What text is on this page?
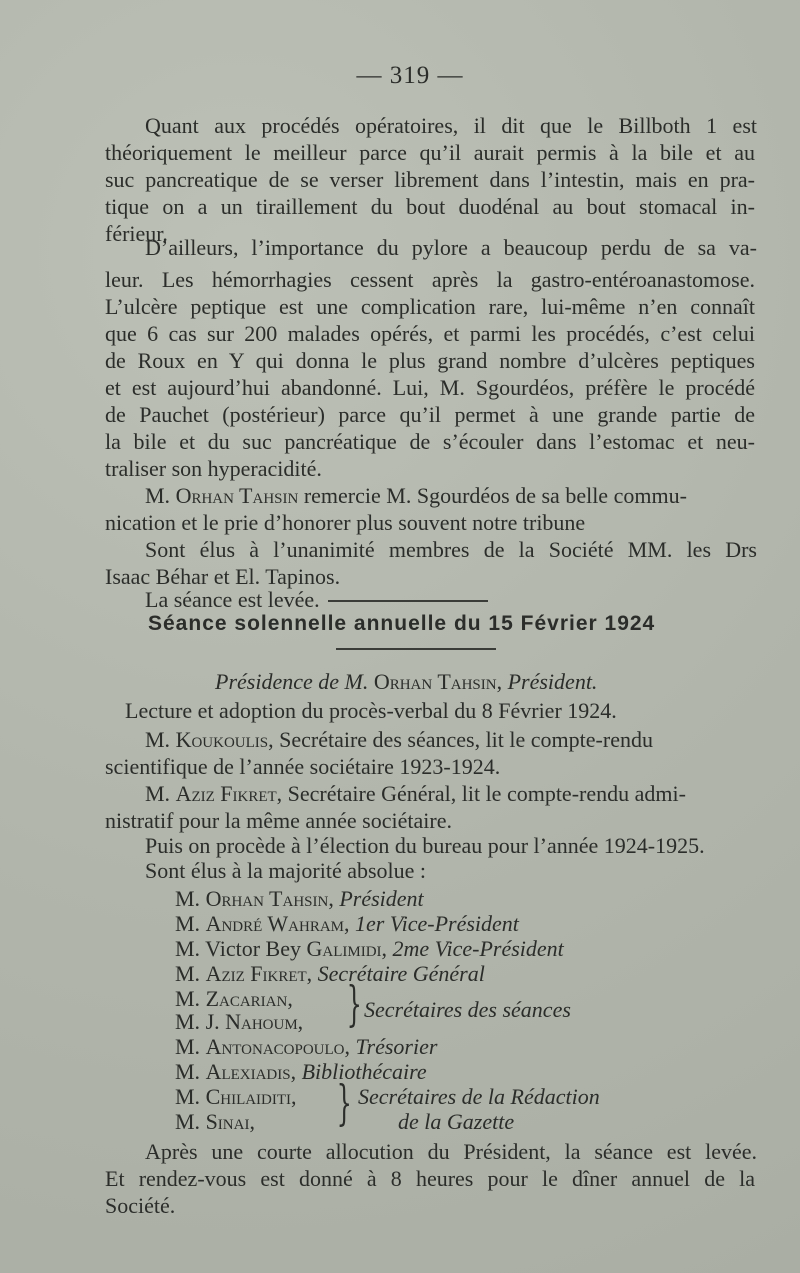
— 319 —
Quant aux procédés opératoires, il dit que le Billboth 1 est
théoriquement le meilleur parce qu’il aurait permis à la bile et au
suc pancreatique de se verser librement dans l’intestin, mais en pra-
tique on a un tiraillement du bout duodénal au bout stomacal in-
férieur.
D’ailleurs, l’importance du pylore a beaucoup perdu de sa va-
leur. Les hémorrhagies cessent après la gastro-entéroanastomose.
L’ulcère peptique est une complication rare, lui-même n’en connaît
que 6 cas sur 200 malades opérés, et parmi les procédés, c’est celui
de Roux en Y qui donna le plus grand nombre d’ulcères peptiques
et est aujourd’hui abandonné. Lui, M. Sgourdéos, préfère le procédé
de Pauchet (postérieur) parce qu’il permet à une grande partie de
la bile et du suc pancréatique de s’écouler dans l’estomac et neu-
traliser son hyperacidité.
M. Orhan Tahsin remercie M. Sgourdéos de sa belle commu-
nication et le prie d’honorer plus souvent notre tribune
Sont élus à l’unanimité membres de la Société MM. les Drs
Isaac Béhar et El. Tapinos.
La séance est levée.
Séance solennelle annuelle du 15 Février 1924
Présidence de M. Orhan Tahsin, Président.
Lecture et adoption du procès-verbal du 8 Février 1924.
M. Koukoulis, Secrétaire des séances, lit le compte-rendu
scientifique de l’année sociétaire 1923-1924.
M. Aziz Fikret, Secrétaire Général, lit le compte-rendu admi-
nistratif pour la même année sociétaire.
Puis on procède à l’élection du bureau pour l’année 1924-1925.
Sont élus à la majorité absolue :
M. Orhan Tahsin, Président
M. André Wahram, 1er Vice-Président
M. Victor Bey Galimidi, 2me Vice-Président
M. Aziz Fikret, Secrétaire Général
M. Zacarian,
M. J. Nahoum, } Secrétaires des séances
M. Antonacopoulo, Trésorier
M. Alexiadis, Bibliothécaire
M. Chilaiditi,
M. Sinai, } Secrétaires de la Rédaction
de la Gazette
Après une courte allocution du Président, la séance est levée.
Et rendez-vous est donné à 8 heures pour le dîner annuel de la
Société.
